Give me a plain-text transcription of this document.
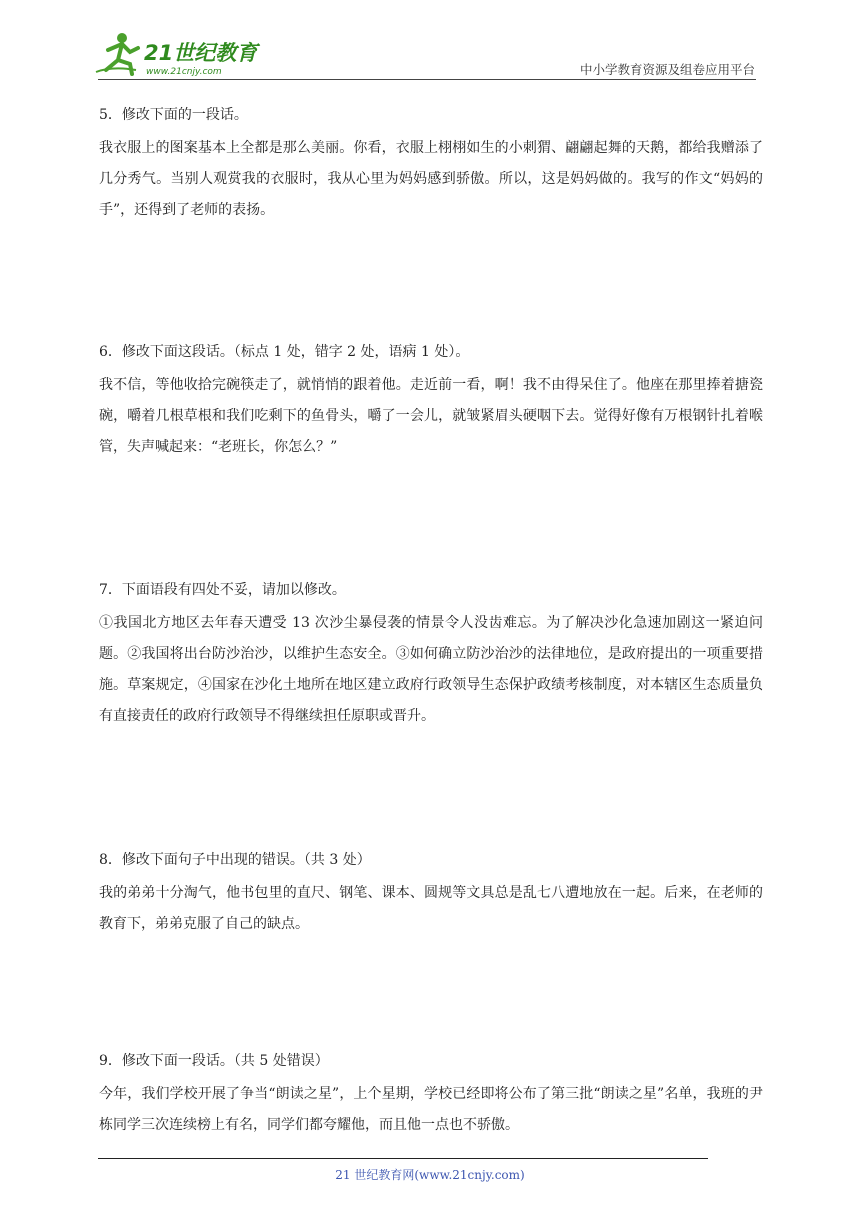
21世纪教育
www.21cnjy.com	中小学教育资源及组卷应用平台

5．修改下面的一段话。

我衣服上的图案基本上全都是那么美丽。你看，衣服上栩栩如生的小刺猬、翩翩起舞的天鹅，都给我赠添了几分秀气。当别人观赏我的衣服时，我从心里为妈妈感到骄傲。所以，这是妈妈做的。我写的作文“妈妈的手”，还得到了老师的表扬。

6．修改下面这段话。（标点 1 处，错字 2 处，语病 1 处）。

我不信，等他收拾完碗筷走了，就悄悄的跟着他。走近前一看，啊！我不由得呆住了。他座在那里捧着搪瓷碗，嚼着几根草根和我们吃剩下的鱼骨头，嚼了一会儿，就皱紧眉头硬咽下去。觉得好像有万根钢针扎着喉管，失声喊起来：“老班长，你怎么？”

7．下面语段有四处不妥，请加以修改。

①我国北方地区去年春天遭受 13 次沙尘暴侵袭的情景令人没齿难忘。为了解决沙化急速加剧这一紧迫问题。②我国将出台防沙治沙，以维护生态安全。③如何确立防沙治沙的法律地位，是政府提出的一项重要措施。草案规定，④国家在沙化土地所在地区建立政府行政领导生态保护政绩考核制度，对本辖区生态质量负有直接责任的政府行政领导不得继续担任原职或晋升。

8．修改下面句子中出现的错误。（共 3 处）

我的弟弟十分淘气，他书包里的直尺、钢笔、课本、圆规等文具总是乱七八遭地放在一起。后来，在老师的教育下，弟弟克服了自己的缺点。

9．修改下面一段话。（共 5 处错误）

今年，我们学校开展了争当“朗读之星”，上个星期，学校已经即将公布了第三批“朗读之星”名单，我班的尹栋同学三次连续榜上有名，同学们都夸耀他，而且他一点也不骄傲。

21 世纪教育网(www.21cnjy.com)
